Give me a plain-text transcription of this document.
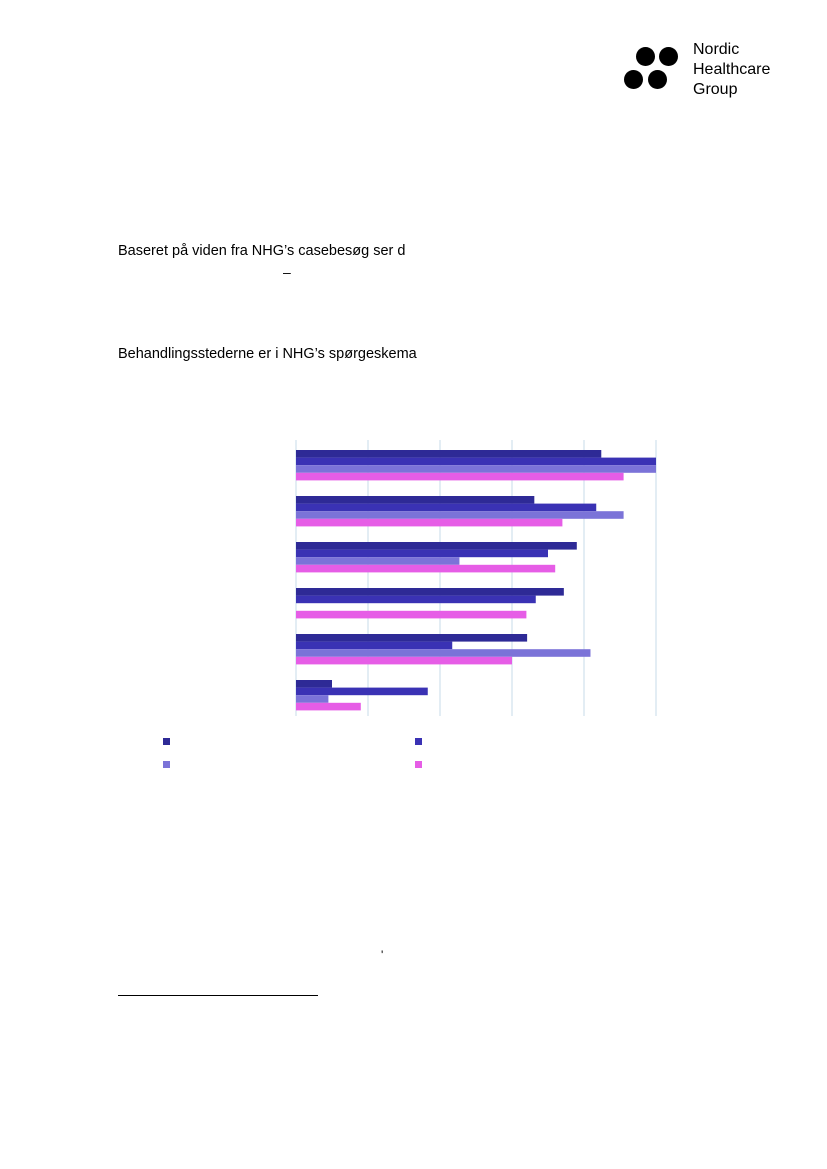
Nordic
Healthcare
Group
Baseret på viden fra NHG’s casebesøg ser d
–
Behandlingsstederne er i NHG’s spørgeskema
'
